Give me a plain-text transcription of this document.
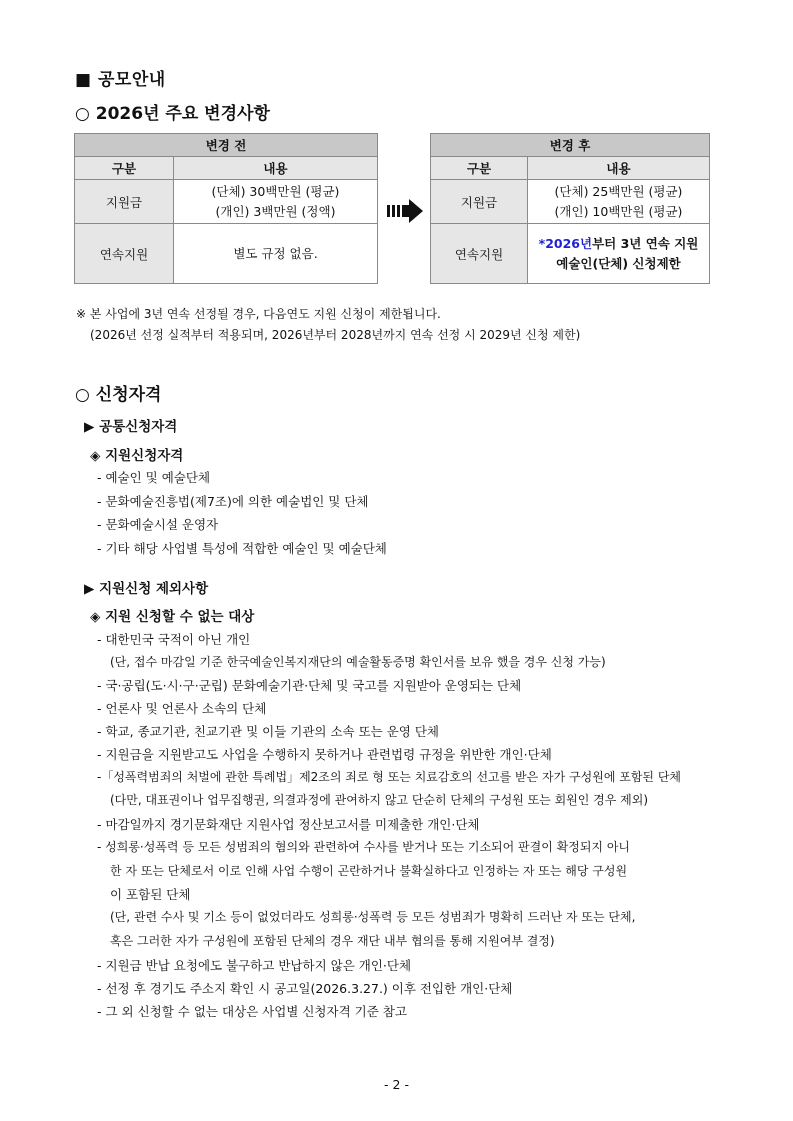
■ 공모안내
○ 2026년 주요 변경사항
변경 전	
구분	내용
지원금	(단체) 30백만원 (평균)
(개인) 3백만원 (정액)

연속지원	별도 규정 없음.
변경 후	
구분	내용
지원금	(단체) 25백만원 (평균)
(개인) 10백만원 (평균)

연속지원	*2026년부터 3년 연속 지원
예술인(단체) 신청제한
※ 본 사업에 3년 연속 선정될 경우, 다음연도 지원 신청이 제한됩니다.
(2026년 선정 실적부터 적용되며, 2026년부터 2028년까지 연속 선정 시 2029년 신청 제한)
○ 신청자격
▶ 공통신청자격
◈ 지원신청자격
- 예술인 및 예술단체
- 문화예술진흥법(제7조)에 의한 예술법인 및 단체
- 문화예술시설 운영자
- 기타 해당 사업별 특성에 적합한 예술인 및 예술단체
▶ 지원신청 제외사항
◈ 지원 신청할 수 없는 대상
- 대한민국 국적이 아닌 개인
(단, 접수 마감일 기준 한국예술인복지재단의 예술활동증명 확인서를 보유 했을 경우 신청 가능)
- 국·공립(도·시·구·군립) 문화예술기관·단체 및 국고를 지원받아 운영되는 단체
- 언론사 및 언론사 소속의 단체
- 학교, 종교기관, 친교기관 및 이들 기관의 소속 또는 운영 단체
- 지원금을 지원받고도 사업을 수행하지 못하거나 관련법령 규정을 위반한 개인·단체
-「성폭력범죄의 처벌에 관한 특례법」제2조의 죄로 형 또는 치료감호의 선고를 받은 자가 구성원에 포함된 단체
(다만, 대표권이나 업무집행권, 의결과정에 관여하지 않고 단순히 단체의 구성원 또는 회원인 경우 제외)
- 마감일까지 경기문화재단 지원사업 정산보고서를 미제출한 개인·단체
- 성희롱·성폭력 등 모든 성범죄의 혐의와 관련하여 수사를 받거나 또는 기소되어 판결이 확정되지 아니
한 자 또는 단체로서 이로 인해 사업 수행이 곤란하거나 불확실하다고 인정하는 자 또는 해당 구성원
이 포함된 단체
(단, 관련 수사 및 기소 등이 없었더라도 성희롱·성폭력 등 모든 성범죄가 명확히 드러난 자 또는 단체,
혹은 그러한 자가 구성원에 포함된 단체의 경우 재단 내부 협의를 통해 지원여부 결정)
- 지원금 반납 요청에도 불구하고 반납하지 않은 개인·단체
- 선정 후 경기도 주소지 확인 시 공고일(2026.3.27.) 이후 전입한 개인·단체
- 그 외 신청할 수 없는 대상은 사업별 신청자격 기준 참고
- 2 -
